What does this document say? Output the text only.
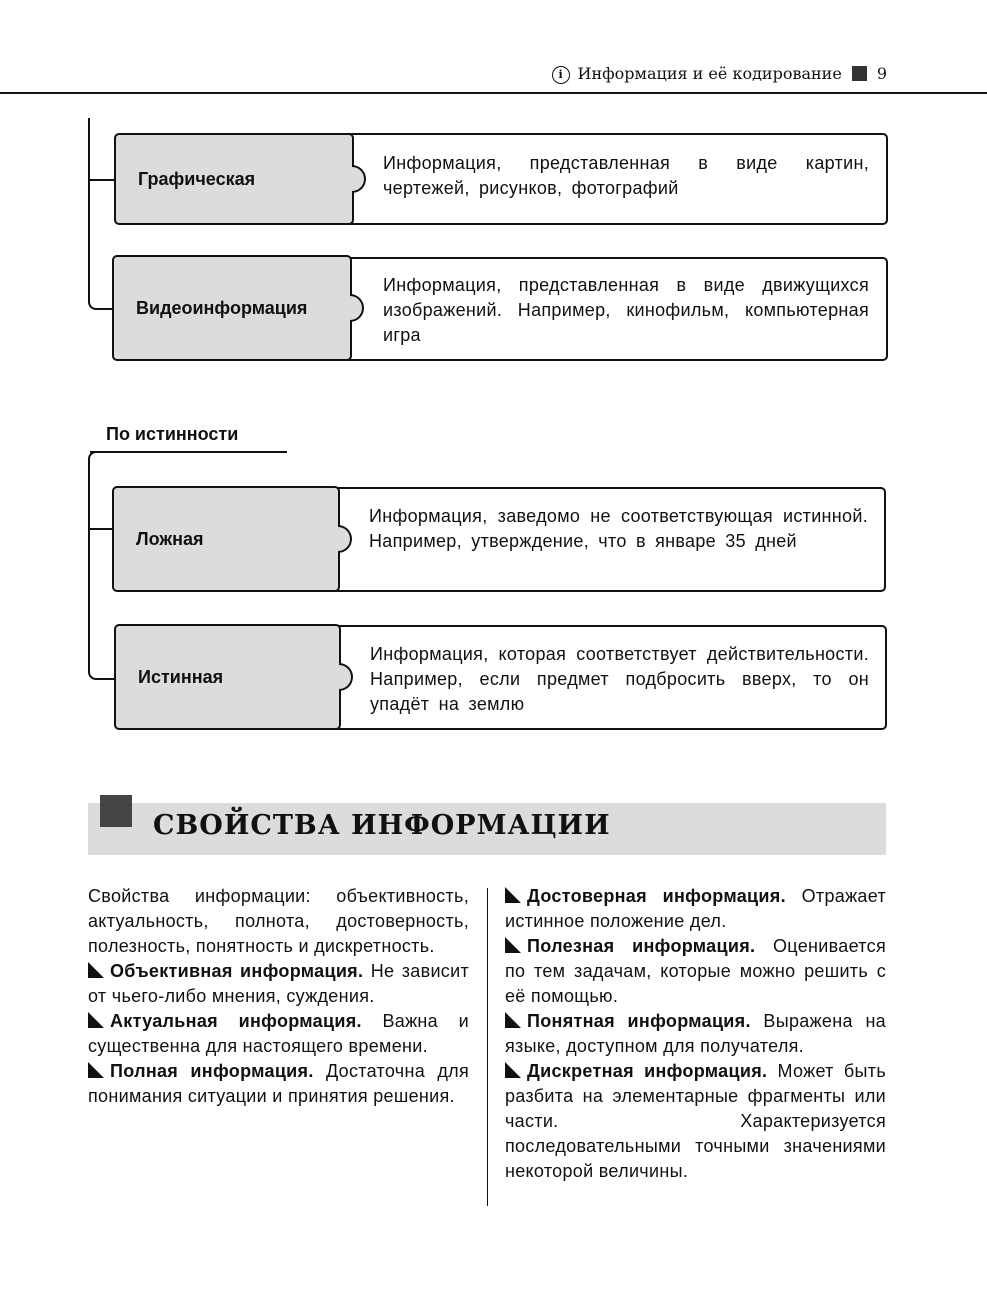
i Информация и её кодирование 9
Графическая
Информация, представленная в виде картин, чертежей, рисунков, фотографий
Видеоинформация
Информация, представленная в виде движущихся изображений. Например, кинофильм, компьютерная игра
По истинности
Ложная
Информация, заведомо не соответствующая истинной. Например, утверждение, что в январе 35 дней
Истинная
Информация, которая соответствует действительности. Например, если предмет подбросить вверх, то он упадёт на землю
СВОЙСТВА ИНФОРМАЦИИ

Свойства информации: объективность, актуальность, полнота, достоверность, полезность, понятность и дискретность.

Объективная информация. Не зависит от чьего-либо мнения, суждения.

Актуальная информация. Важна и существенна для настоящего времени.

Полная информация. Достаточна для понимания ситуации и принятия решения.

Достоверная информация. Отражает истинное положение дел.

Полезная информация. Оценивается по тем задачам, которые можно решить с её помощью.

Понятная информация. Выражена на языке, доступном для получателя.

Дискретная информация. Может быть разбита на элементарные фрагменты или части. Характеризуется последовательными точными значениями некоторой величины.
